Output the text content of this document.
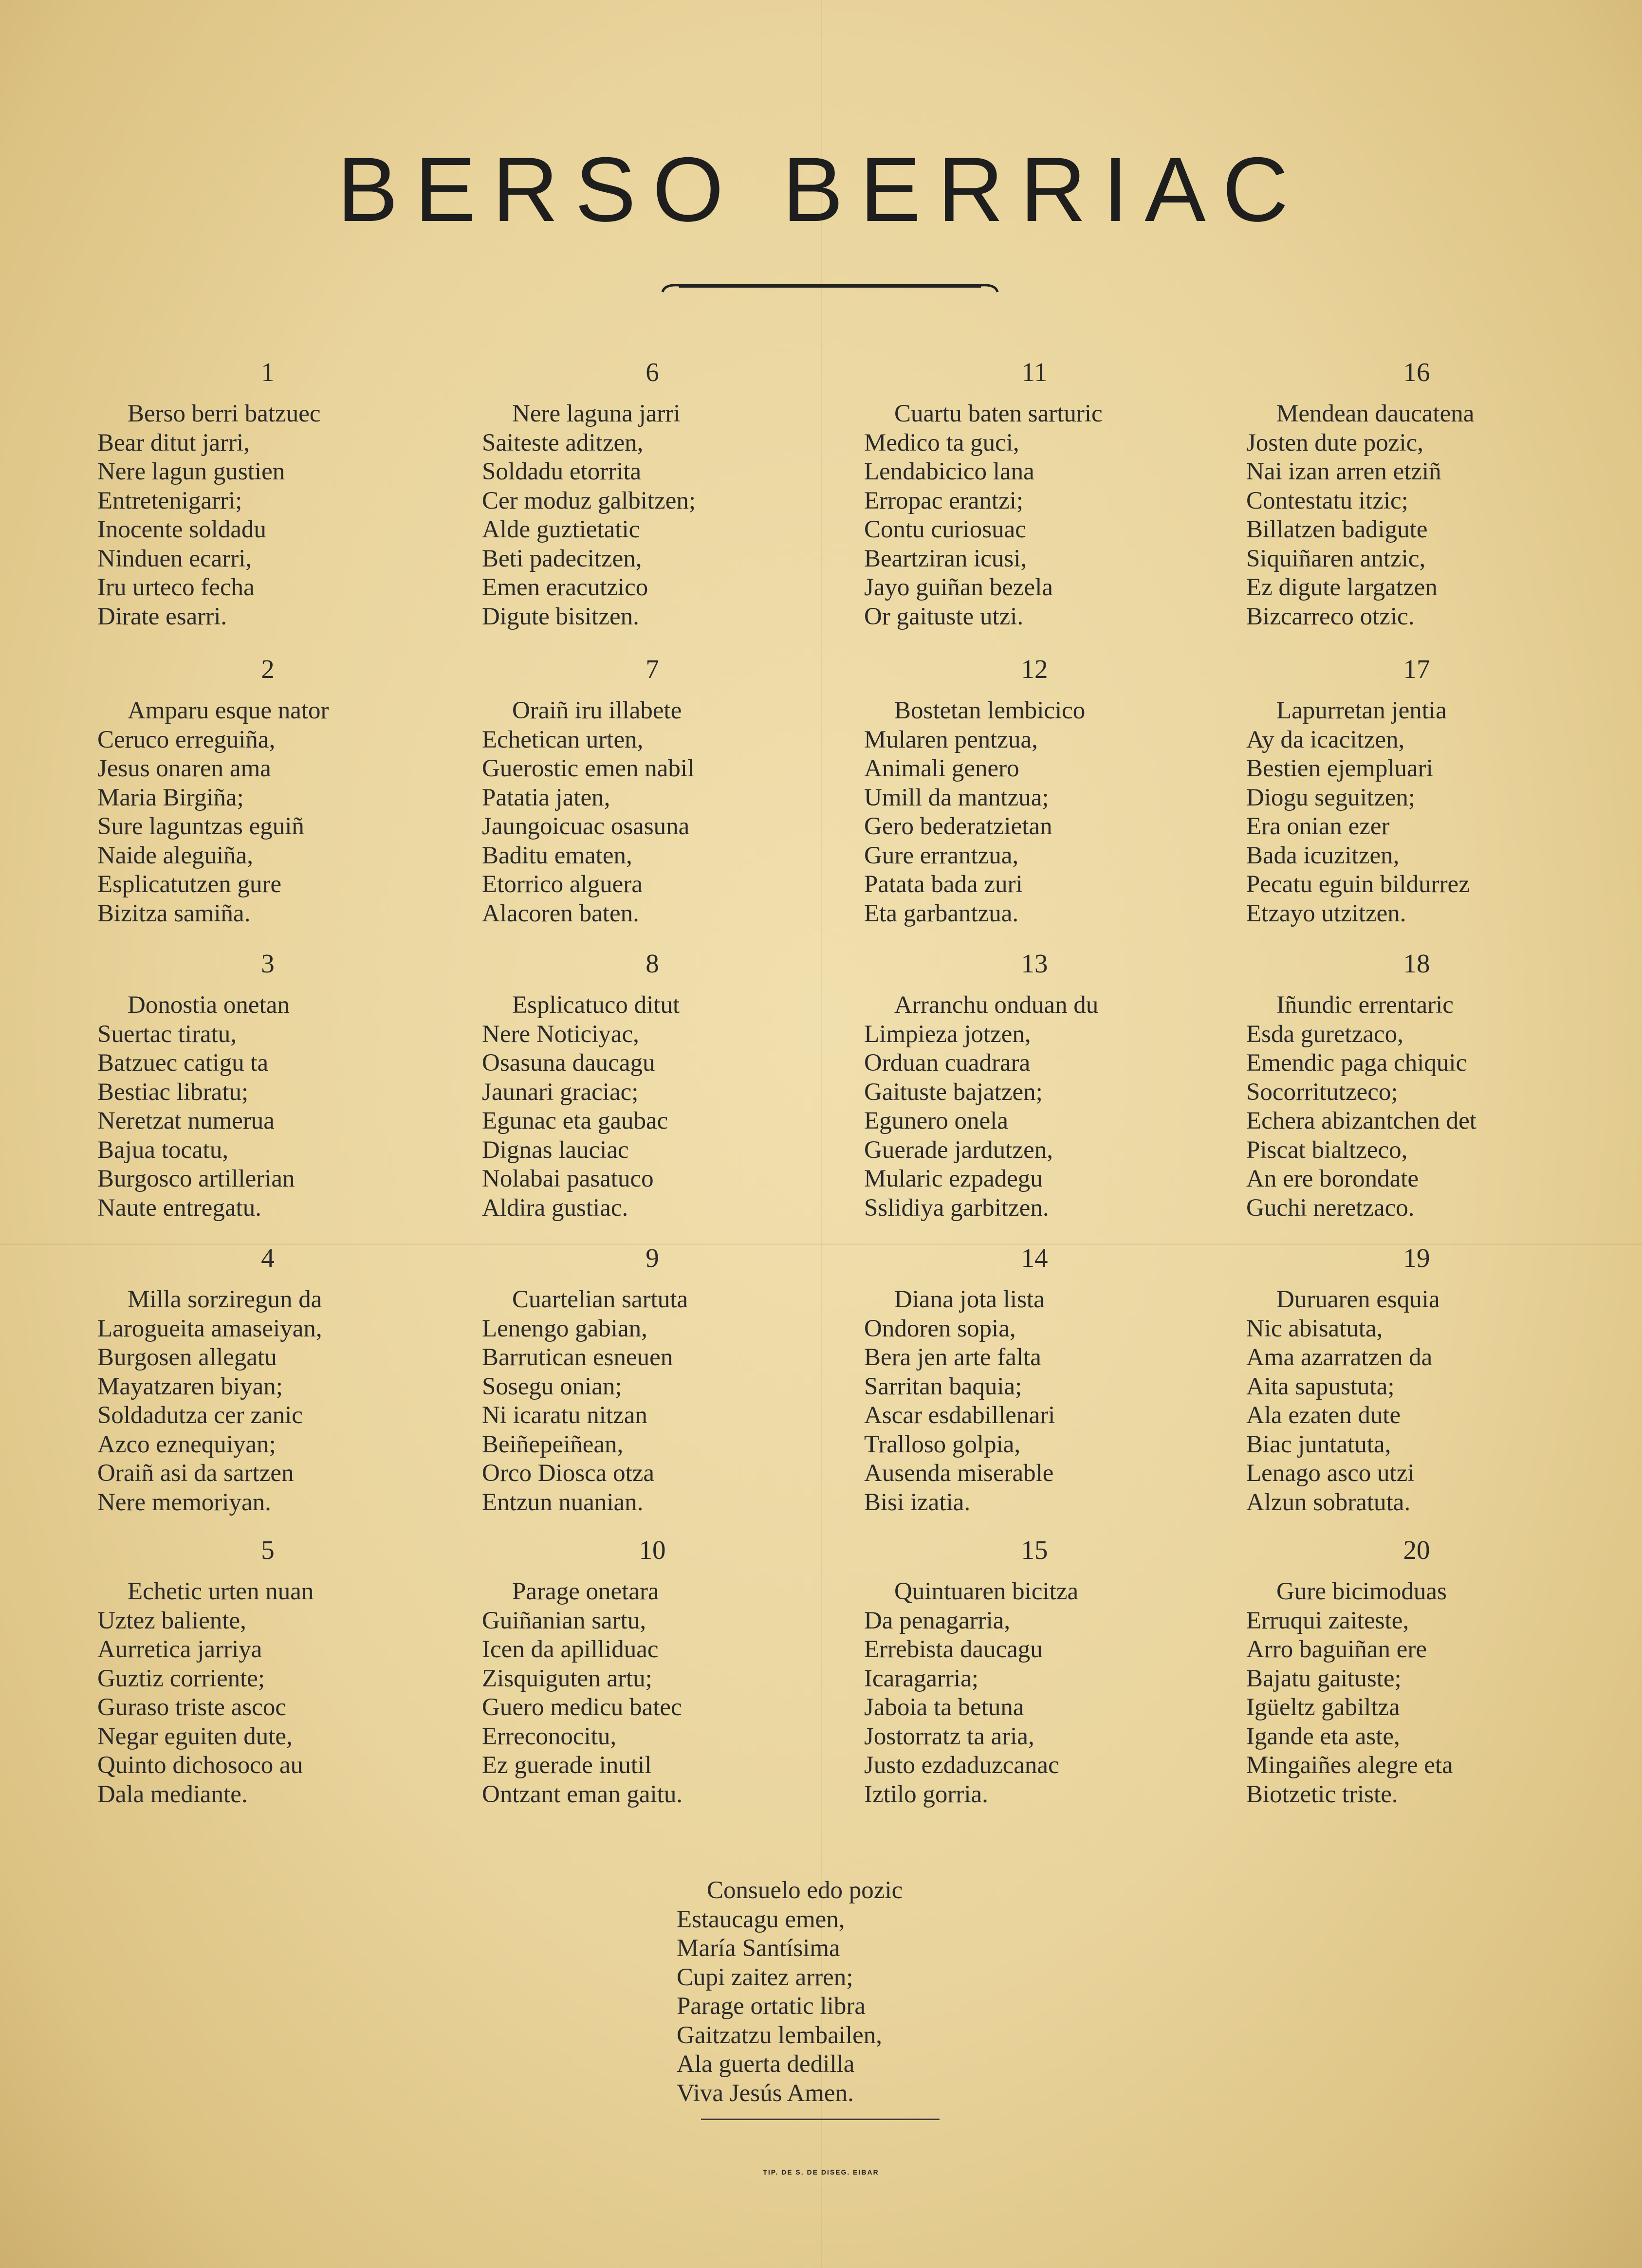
BERSO BERRIAC
1
Berso berri batzuec
Bear ditut jarri,
Nere lagun gustien
Entretenigarri;
Inocente soldadu
Ninduen ecarri,
Iru urteco fecha
Dirate esarri.
2
Amparu esque nator
Ceruco erreguiña,
Jesus onaren ama
Maria Birgiña;
Sure laguntzas eguiñ
Naide aleguiña,
Esplicatutzen gure
Bizitza samiña.
3
Donostia onetan
Suertac tiratu,
Batzuec catigu ta
Bestiac libratu;
Neretzat numerua
Bajua tocatu,
Burgosco artillerian
Naute entregatu.
4
Milla sorziregun da
Larogueita amaseiyan,
Burgosen allegatu
Mayatzaren biyan;
Soldadutza cer zanic
Azco eznequiyan;
Oraiñ asi da sartzen
Nere memoriyan.
5
Echetic urten nuan
Uztez baliente,
Aurretica jarriya
Guztiz corriente;
Guraso triste ascoc
Negar eguiten dute,
Quinto dichosoco au
Dala mediante.
6
Nere laguna jarri
Saiteste aditzen,
Soldadu etorrita
Cer moduz galbitzen;
Alde guztietatic
Beti padecitzen,
Emen eracutzico
Digute bisitzen.
7
Oraiñ iru illabete
Echetican urten,
Guerostic emen nabil
Patatia jaten,
Jaungoicuac osasuna
Baditu ematen,
Etorrico alguera
Alacoren baten.
8
Esplicatuco ditut
Nere Noticiyac,
Osasuna daucagu
Jaunari graciac;
Egunac eta gaubac
Dignas lauciac
Nolabai pasatuco
Aldira gustiac.
9
Cuartelian sartuta
Lenengo gabian,
Barrutican esneuen
Sosegu onian;
Ni icaratu nitzan
Beiñepeiñean,
Orco Diosca otza
Entzun nuanian.
10
Parage onetara
Guiñanian sartu,
Icen da apilliduac
Zisquiguten artu;
Guero medicu batec
Erreconocitu,
Ez guerade inutil
Ontzant eman gaitu.
11
Cuartu baten sarturic
Medico ta guci,
Lendabicico lana
Erropac erantzi;
Contu curiosuac
Beartziran icusi,
Jayo guiñan bezela
Or gaituste utzi.
12
Bostetan lembicico
Mularen pentzua,
Animali genero
Umill da mantzua;
Gero bederatzietan
Gure errantzua,
Patata bada zuri
Eta garbantzua.
13
Arranchu onduan du
Limpieza jotzen,
Orduan cuadrara
Gaituste bajatzen;
Egunero onela
Guerade jardutzen,
Mularic ezpadegu
Sslidiya garbitzen.
14
Diana jota lista
Ondoren sopia,
Bera jen arte falta
Sarritan baquia;
Ascar esdabillenari
Tralloso golpia,
Ausenda miserable
Bisi izatia.
15
Quintuaren bicitza
Da penagarria,
Errebista daucagu
Icaragarria;
Jaboia ta betuna
Jostorratz ta aria,
Justo ezdaduzcanac
Iztilo gorria.
16
Mendean daucatena
Josten dute pozic,
Nai izan arren etziñ
Contestatu itzic;
Billatzen badigute
Siquiñaren antzic,
Ez digute largatzen
Bizcarreco otzic.
17
Lapurretan jentia
Ay da icacitzen,
Bestien ejempluari
Diogu seguitzen;
Era onian ezer
Bada icuzitzen,
Pecatu eguin bildurrez
Etzayo utzitzen.
18
Iñundic errentaric
Esda guretzaco,
Emendic paga chiquic
Socorritutzeco;
Echera abizantchen det
Piscat bialtzeco,
An ere borondate
Guchi neretzaco.
19
Duruaren esquia
Nic abisatuta,
Ama azarratzen da
Aita sapustuta;
Ala ezaten dute
Biac juntatuta,
Lenago asco utzi
Alzun sobratuta.
20
Gure bicimoduas
Erruqui zaiteste,
Arro baguiñan ere
Bajatu gaituste;
Igüeltz gabiltza
Igande eta aste,
Mingaiñes alegre eta
Biotzetic triste.
Consuelo edo pozic
Estaucagu emen,
María Santísima
Cupi zaitez arren;
Parage ortatic libra
Gaitzatzu lembailen,
Ala guerta dedilla
Viva Jesús Amen.
TIP. DE S. DE DISEG. EIBAR
